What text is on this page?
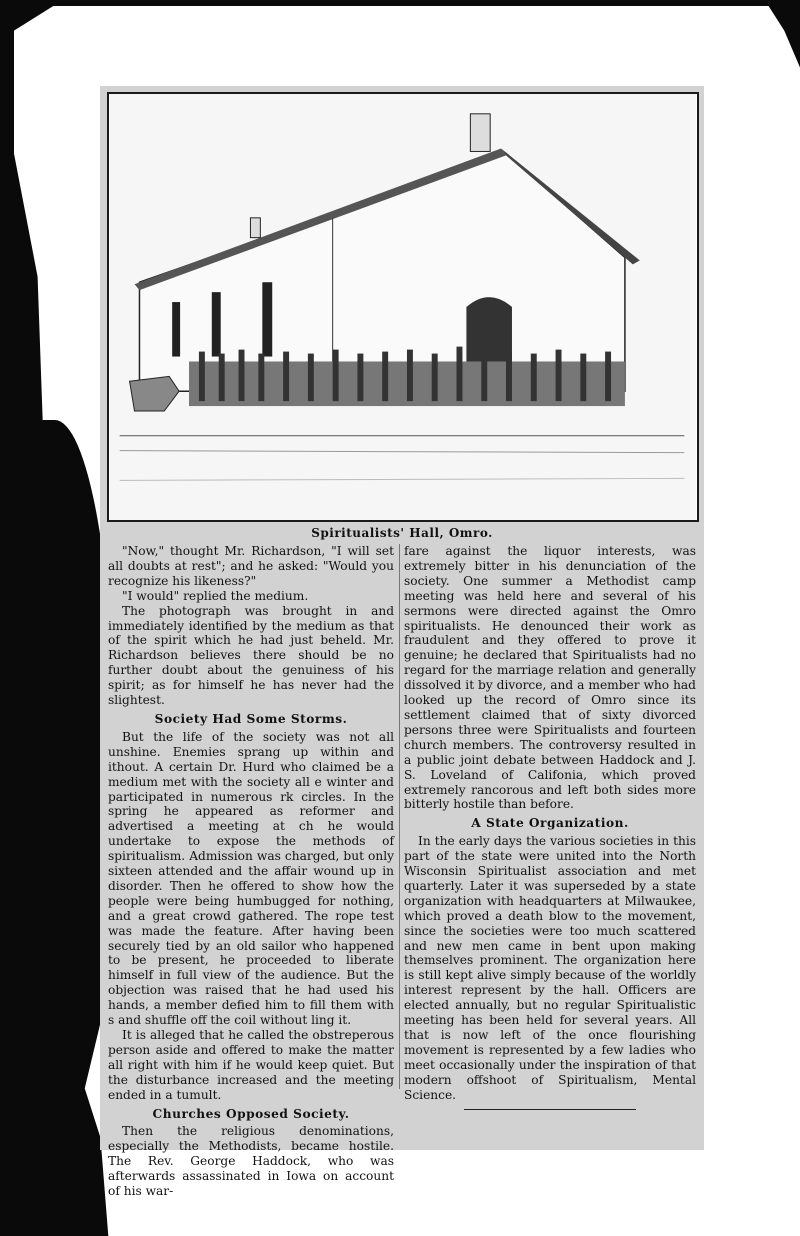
Spiritualists' Hall, Omro.

"Now," thought Mr. Richardson, "I will set all doubts at rest"; and he asked: "Would you recognize his likeness?"

"I would" replied the medium.

The photograph was brought in and immediately identified by the medium as that of the spirit which he had just beheld. Mr. Richardson believes there should be no further doubt about the genuiness of his spirit; as for himself he has never had the slightest.

Society Had Some Storms.

But the life of the society was not all unshine. Enemies sprang up within and ithout. A certain Dr. Hurd who claimed be a medium met with the society all e winter and participated in numerous rk circles. In the spring he appeared as reformer and advertised a meeting at ch he would undertake to expose the methods of spiritualism. Admission was charged, but only sixteen attended and the affair wound up in disorder. Then he offered to show how the people were being humbugged for nothing, and a great crowd gathered. The rope test was made the feature. After having been securely tied by an old sailor who happened to be present, he proceeded to liberate himself in full view of the audience. But the objection was raised that he had used his hands, a member defied him to fill them with s and shuffle off the coil without ling it.

It is alleged that he called the obstreperous person aside and offered to make the matter all right with him if he would keep quiet. But the disturbance increased and the meeting ended in a tumult.

Churches Opposed Society.

Then the religious denominations, especially the Methodists, became hostile. The Rev. George Haddock, who was afterwards assassinated in Iowa on account of his war-

fare against the liquor interests, was extremely bitter in his denunciation of the society. One summer a Methodist camp meeting was held here and several of his sermons were directed against the Omro spiritualists. He denounced their work as fraudulent and they offered to prove it genuine; he declared that Spiritualists had no regard for the marriage relation and generally dissolved it by divorce, and a member who had looked up the record of Omro since its settlement claimed that of sixty divorced persons three were Spiritualists and fourteen church members. The controversy resulted in a public joint debate between Haddock and J. S. Loveland of Califonia, which proved extremely rancorous and left both sides more bitterly hostile than before.

A State Organization.

In the early days the various societies in this part of the state were united into the North Wisconsin Spiritualist association and met quarterly. Later it was superseded by a state organization with headquarters at Milwaukee, which proved a death blow to the movement, since the societies were too much scattered and new men came in bent upon making themselves prominent. The organization here is still kept alive simply because of the worldly interest represent by the hall. Officers are elected annually, but no regular Spiritualistic meeting has been held for several years. All that is now left of the once flourishing movement is represented by a few ladies who meet occasionally under the inspiration of that modern offshoot of Spiritualism, Mental Science.
